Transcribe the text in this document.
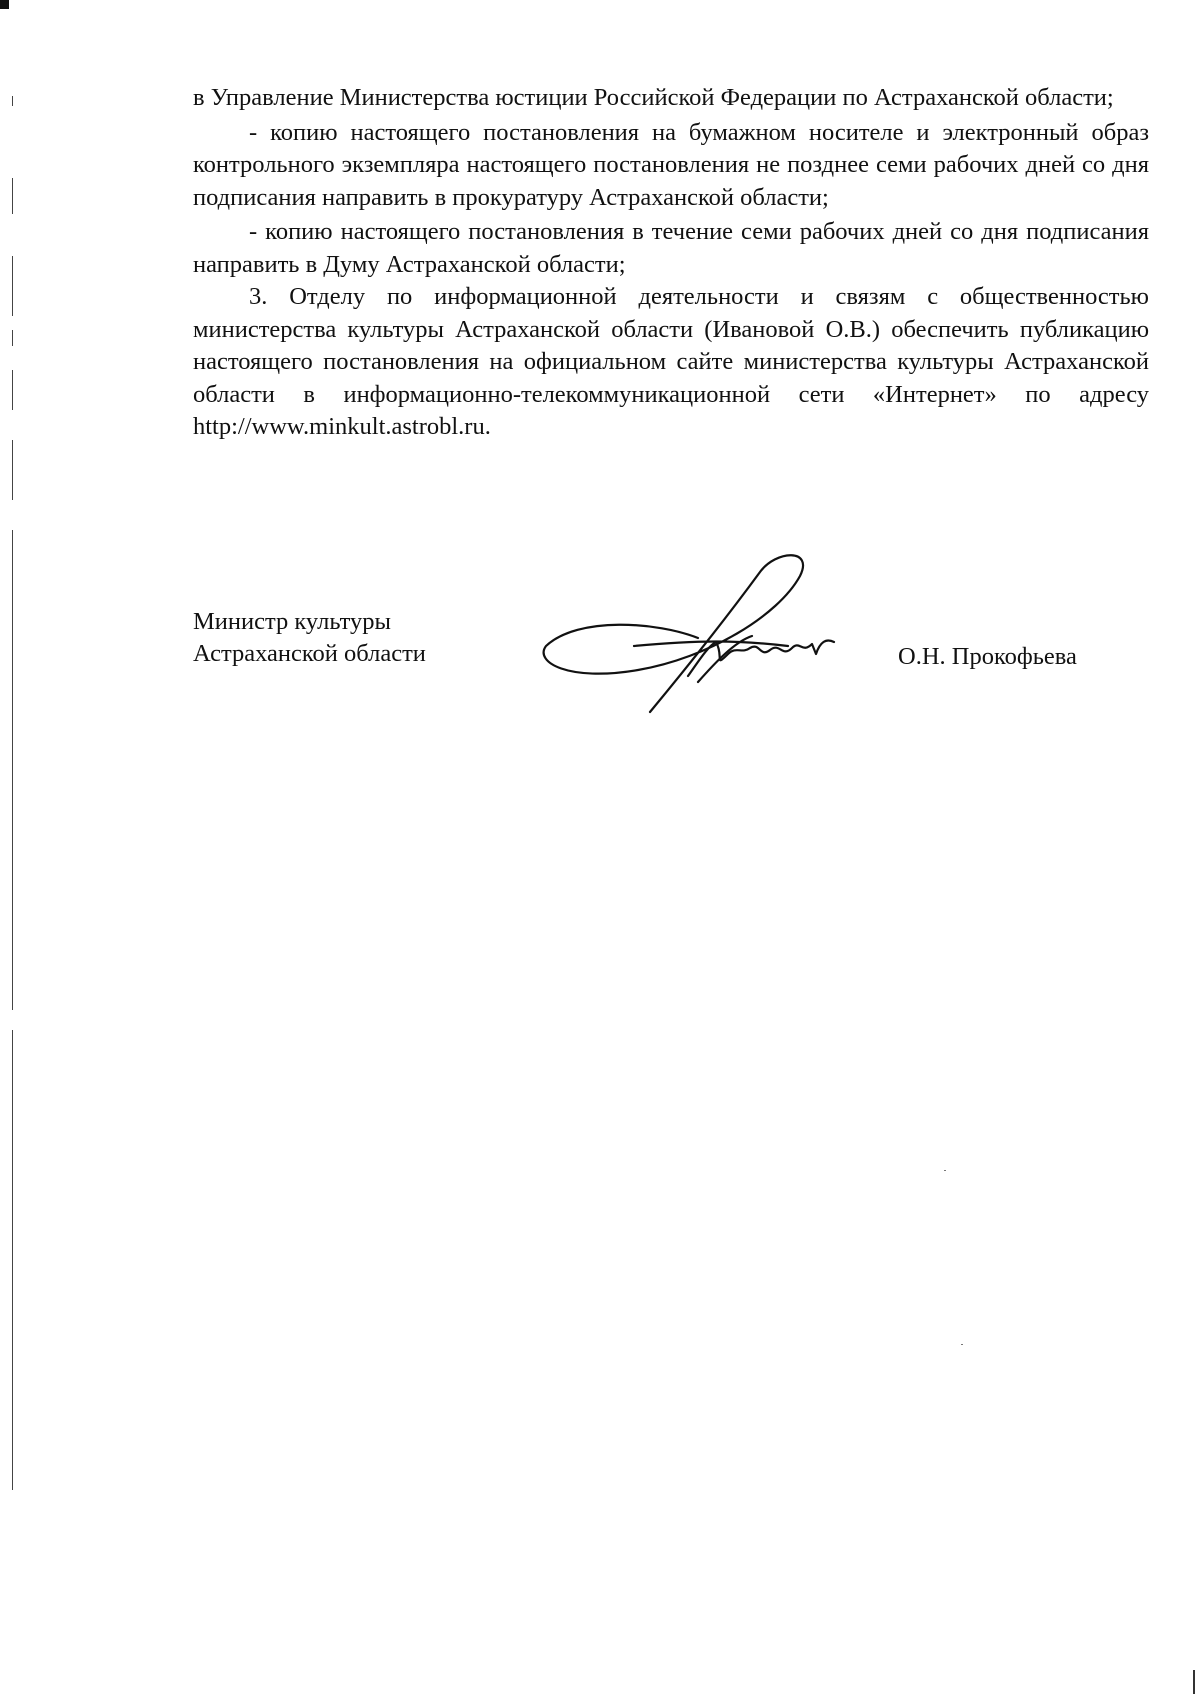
в Управление Министерства юстиции Российской Федерации по Астраханской области;

- копию настоящего постановления на бумажном носителе и электронный образ контрольного экземпляра настоящего постановления не позднее семи рабочих дней со дня подписания направить в прокуратуру Астраханской области;

- копию настоящего постановления в течение семи рабочих дней со дня подписания направить в Думу Астраханской области;

3. Отделу по информационной деятельности и связям с общественностью министерства культуры Астраханской области (Ивановой О.В.) обеспечить публикацию настоящего постановления на официальном сайте министерства культуры Астраханской области в информационно-телекоммуникационной сети «Интернет» по адресу http://www.minkult.astrobl.ru.

Министр культуры
Астраханской области	О.Н. Прокофьева
